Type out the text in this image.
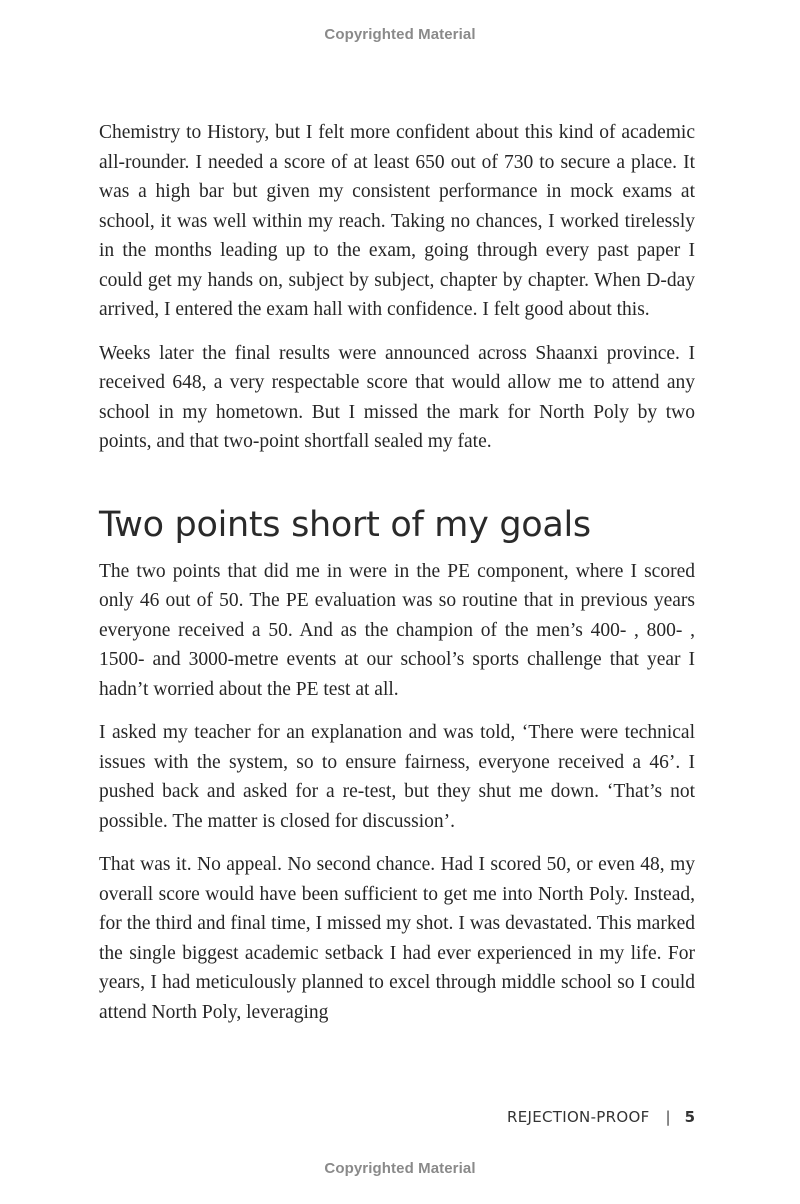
Copyrighted Material

Chemistry to History, but I felt more confident about this kind of academic all-rounder. I needed a score of at least 650 out of 730 to secure a place. It was a high bar but given my consistent performance in mock exams at school, it was well within my reach. Taking no chances, I worked tirelessly in the months leading up to the exam, going through every past paper I could get my hands on, subject by subject, chapter by chapter. When D-day arrived, I entered the exam hall with confidence. I felt good about this.

Weeks later the final results were announced across Shaanxi province. I received 648, a very respectable score that would allow me to attend any school in my hometown. But I missed the mark for North Poly by two points, and that two-point shortfall sealed my fate.

Two points short of my goals

The two points that did me in were in the PE component, where I scored only 46 out of 50. The PE evaluation was so routine that in previous years everyone received a 50. And as the champion of the men’s 400- , 800- , 1500- and 3000-metre events at our school’s sports challenge that year I hadn’t worried about the PE test at all.

I asked my teacher for an explanation and was told, ‘There were technical issues with the system, so to ensure fairness, everyone received a 46’. I pushed back and asked for a re-test, but they shut me down. ‘That’s not possible. The matter is closed for discussion’.

That was it. No appeal. No second chance. Had I scored 50, or even 48, my overall score would have been sufficient to get me into North Poly. Instead, for the third and final time, I missed my shot. I was devastated. This marked the single biggest academic setback I had ever experienced in my life. For years, I had meticulously planned to excel through middle school so I could attend North Poly, leveraging

REJECTION-PROOF | 5
Copyrighted Material
